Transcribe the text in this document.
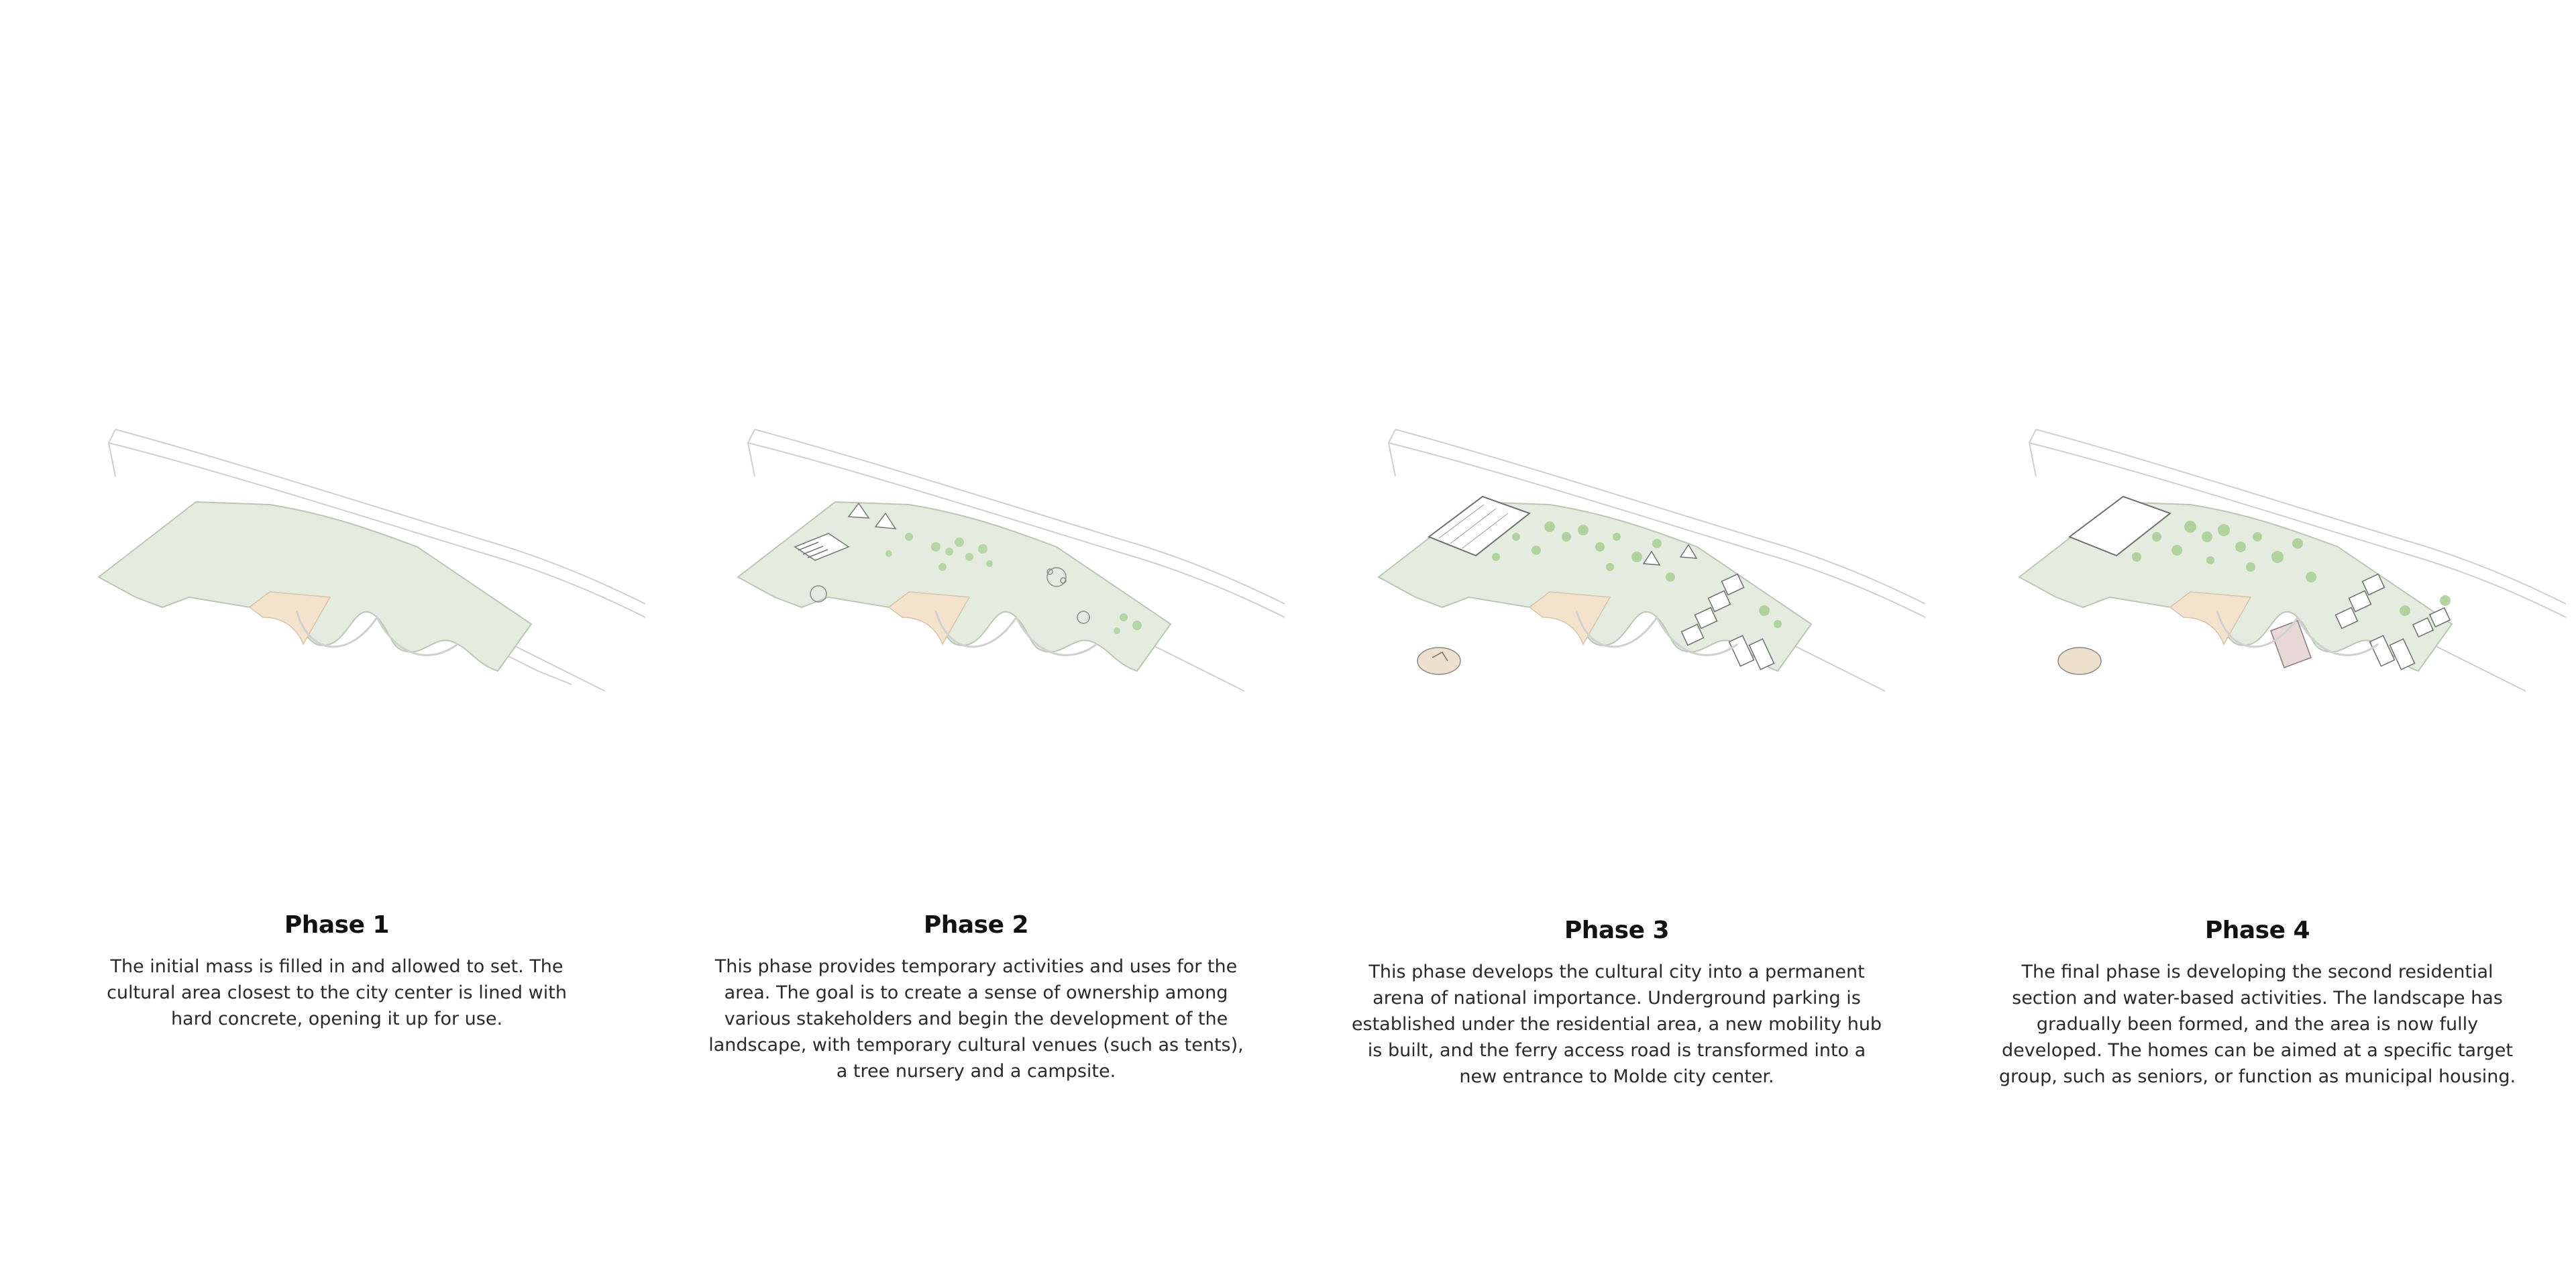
Phase 1

The initial mass is filled in and allowed to set. The cultural area closest to the city center is lined with hard concrete, opening it up for use.

Phase 2

This phase provides temporary activities and uses for the area. The goal is to create a sense of ownership among various stakeholders and begin the development of the landscape, with temporary cultural venues (such as tents), a tree nursery and a campsite.

Phase 3

This phase develops the cultural city into a permanent arena of national importance. Underground parking is established under the residential area, a new mobility hub is built, and the ferry access road is transformed into a new entrance to Molde city center.

Phase 4

The final phase is developing the second residential section and water-based activities. The landscape has gradually been formed, and the area is now fully developed. The homes can be aimed at a specific target group, such as seniors, or function as municipal housing.
